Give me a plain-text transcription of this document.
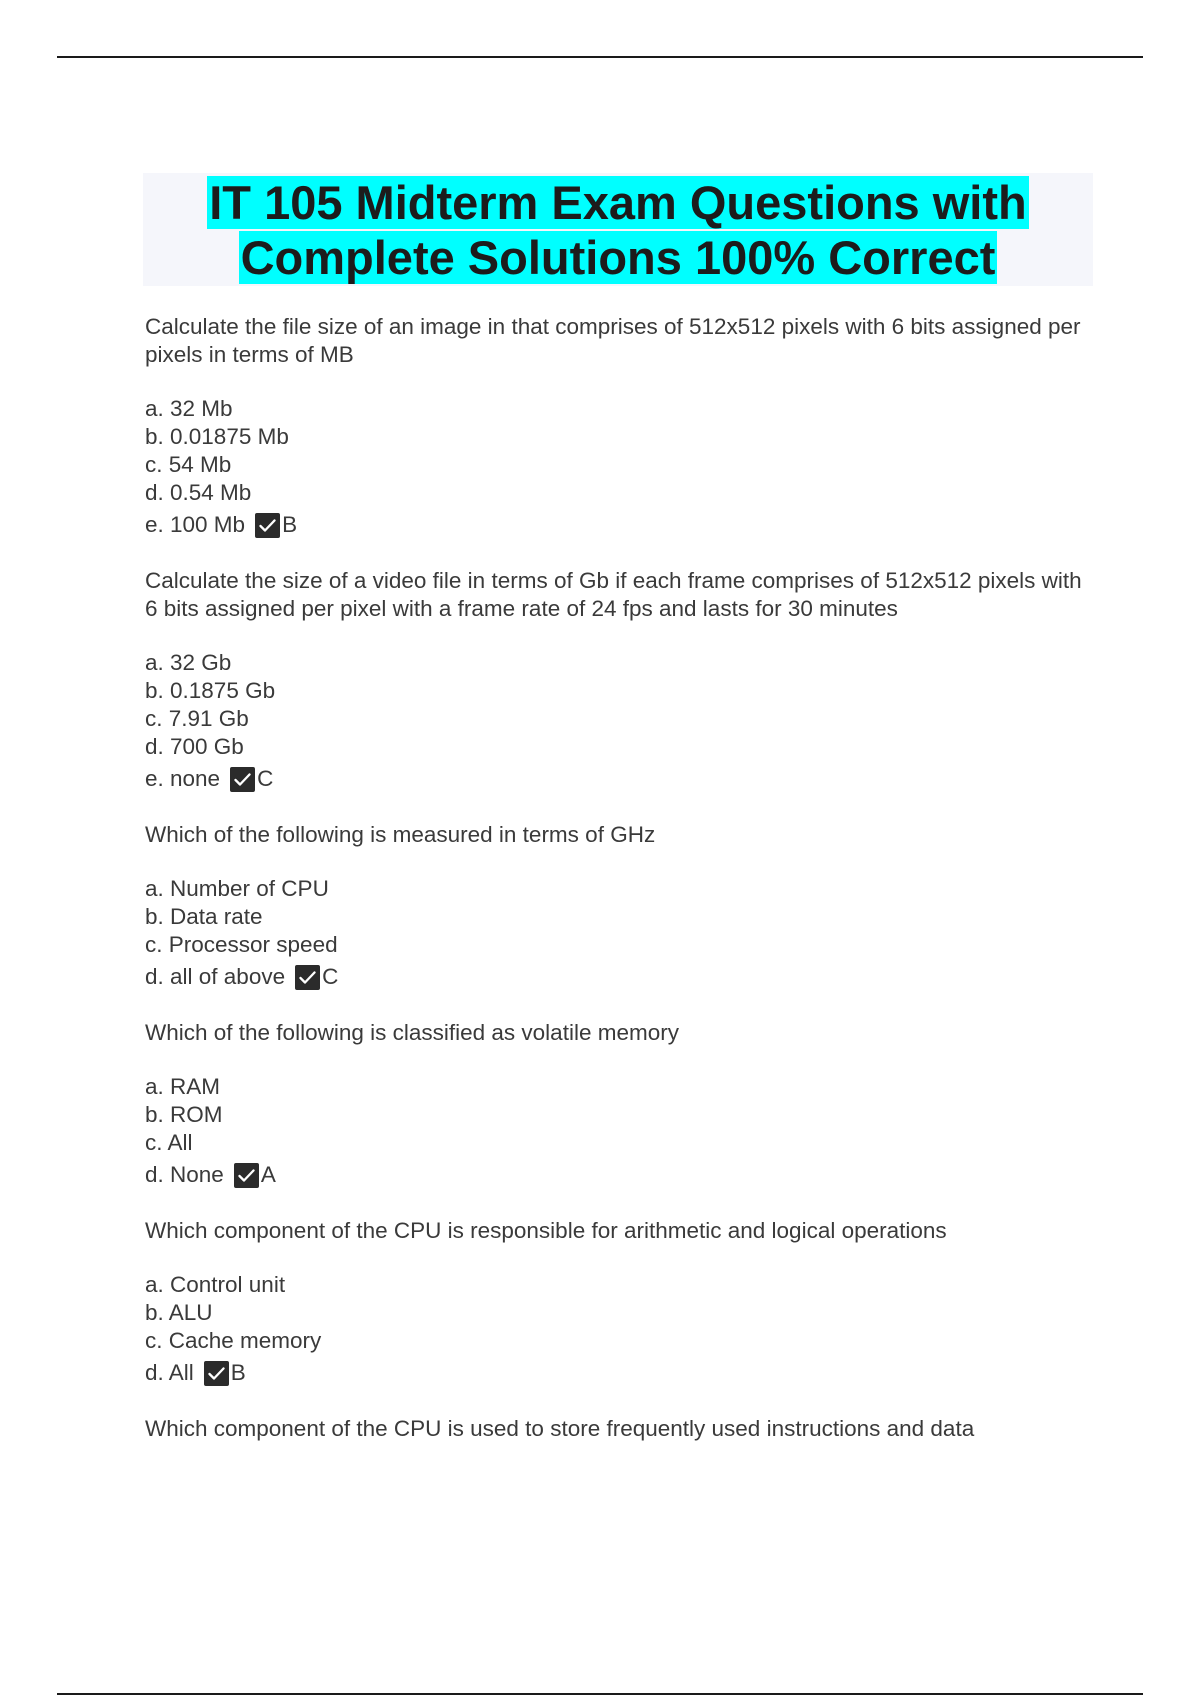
IT 105 Midterm Exam Questions with
Complete Solutions 100% Correct

Calculate the file size of an image in that comprises of 512x512 pixels with 6 bits assigned per pixels in terms of MB

a. 32 Mb
b. 0.01875 Mb
c. 54 Mb
d. 0.54 Mb
e. 100 Mb B

Calculate the size of a video file in terms of Gb if each frame comprises of 512x512 pixels with 6 bits assigned per pixel with a frame rate of 24 fps and lasts for 30 minutes

a. 32 Gb
b. 0.1875 Gb
c. 7.91 Gb
d. 700 Gb
e. none C

Which of the following is measured in terms of GHz

a. Number of CPU
b. Data rate
c. Processor speed
d. all of above C

Which of the following is classified as volatile memory

a. RAM
b. ROM
c. All
d. None A

Which component of the CPU is responsible for arithmetic and logical operations

a. Control unit
b. ALU
c. Cache memory
d. All B

Which component of the CPU is used to store frequently used instructions and data
